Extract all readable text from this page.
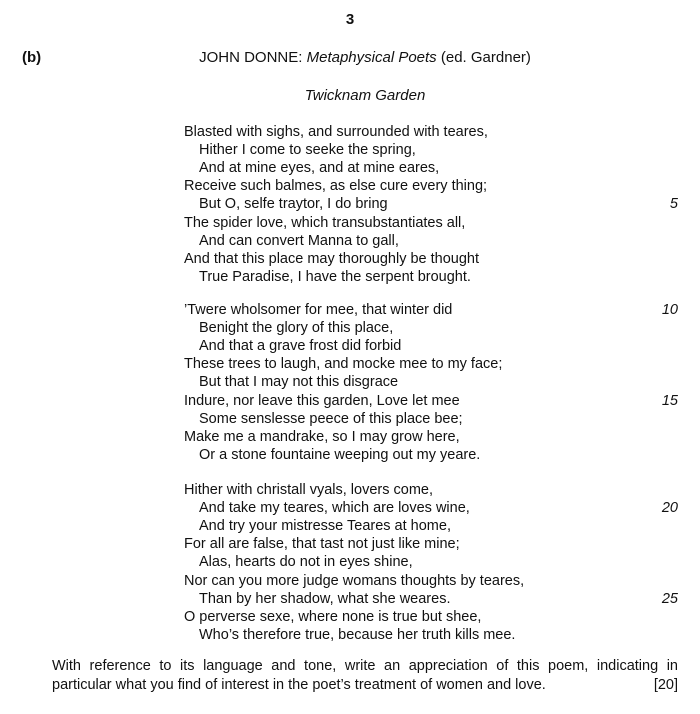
3
(b)	JOHN DONNE: Metaphysical Poets (ed. Gardner)
Twicknam Garden
Blasted with sighs, and surrounded with teares,
Hither I come to seeke the spring,
And at mine eyes, and at mine eares,
Receive such balmes, as else cure every thing;
But O, selfe traytor, I do bring	5
The spider love, which transubstantiates all,
And can convert Manna to gall,
And that this place may thoroughly be thought
True Paradise, I have the serpent brought.
’Twere wholsomer for mee, that winter did	10
Benight the glory of this place,
And that a grave frost did forbid
These trees to laugh, and mocke mee to my face;
But that I may not this disgrace
Indure, nor leave this garden, Love let mee	15
Some senslesse peece of this place bee;
Make me a mandrake, so I may grow here,
Or a stone fountaine weeping out my yeare.
Hither with christall vyals, lovers come,
And take my teares, which are loves wine,	20
And try your mistresse Teares at home,
For all are false, that tast not just like mine;
Alas, hearts do not in eyes shine,
Nor can you more judge womans thoughts by teares,
Than by her shadow, what she weares.	25
O perverse sexe, where none is true but shee,
Who’s therefore true, because her truth kills mee.
With reference to its language and tone, write an appreciation of this poem, indicating in particular what you find of interest in the poet’s treatment of women and love.	[20]
